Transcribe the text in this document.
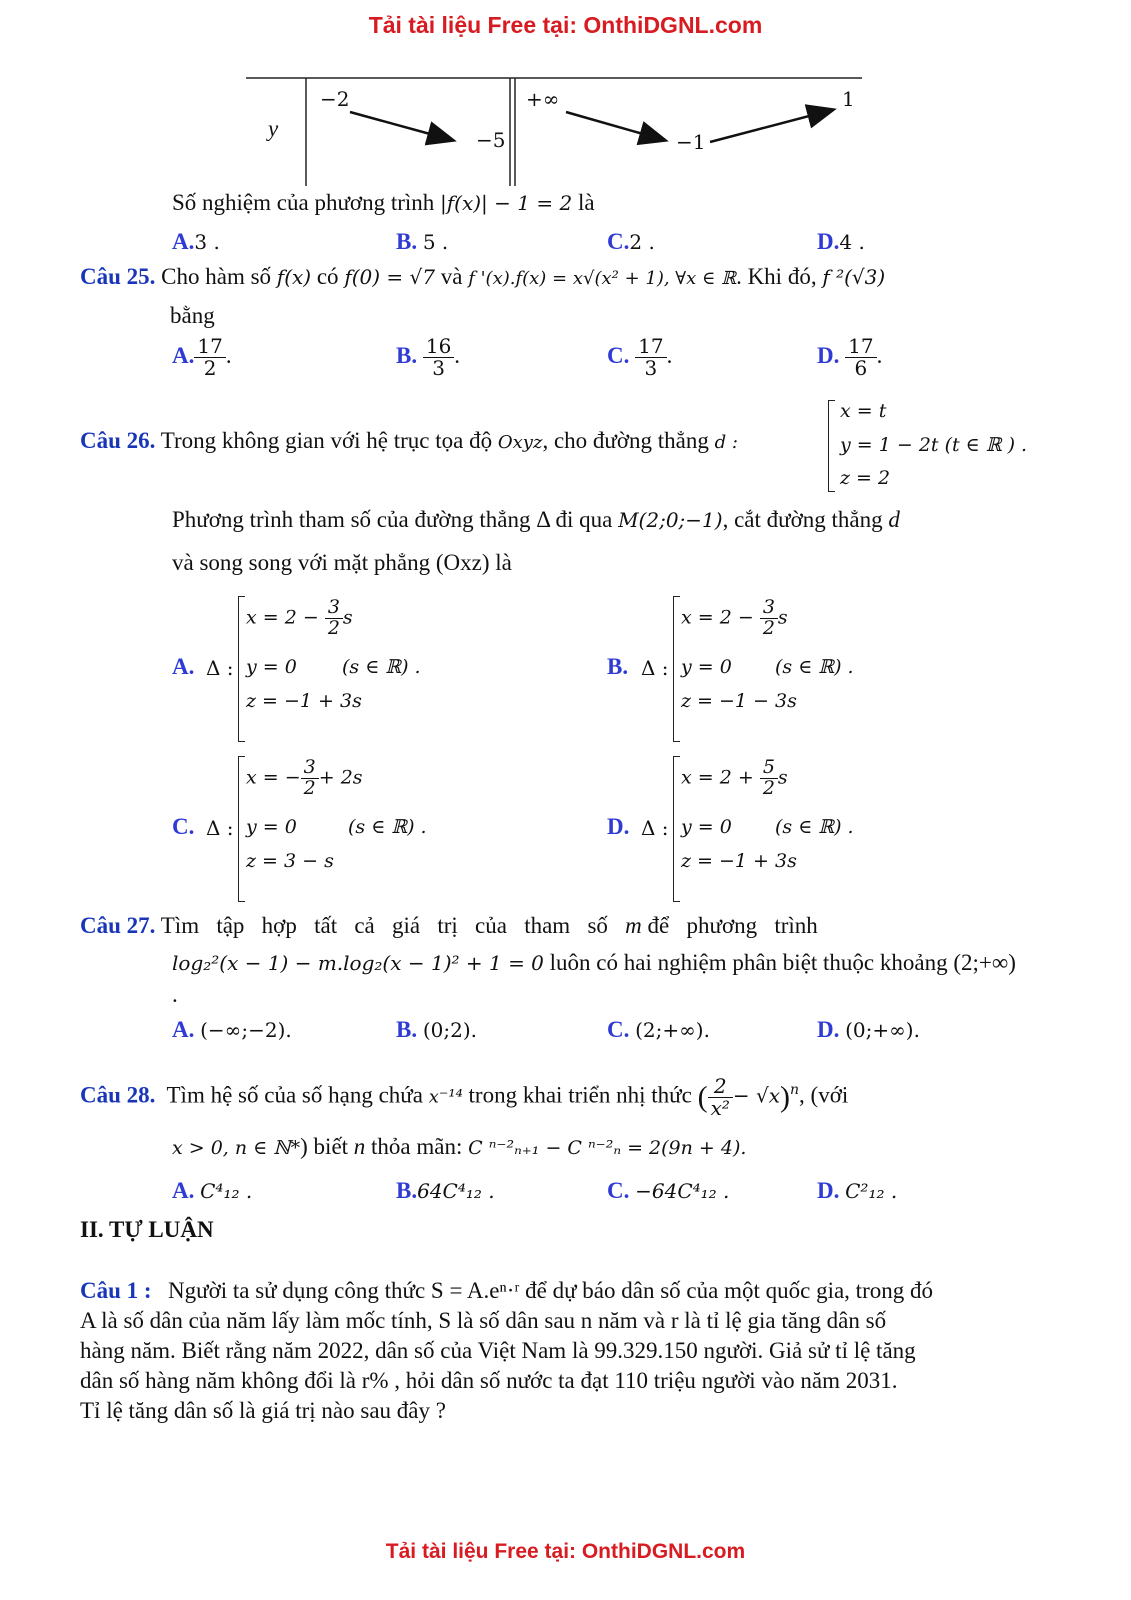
Tải tài liệu Free tại: OnthiDGNL.com
y
−2
−5
+∞
−1
1
Số nghiệm của phương trình |f(x)| − 1 = 2 là
A.3 .	B. 5 .	C.2 .	D.4 .
Câu 25. Cho hàm số f(x) có f(0) = √7 và f '(x).f(x) = x√(x² + 1), ∀x ∈ ℝ. Khi đó, f ²(√3)
bằng
A. $\frac{17}{2}$ .	B. $\frac{16}{3}$ .	C. $\frac{17}{3}$ .	D. $\frac{17}{6}$ .
Câu 26. Trong không gian với hệ trục tọa độ Oxyz, cho đường thẳng d :
x = t
y = 1 − 2t (t ∈ ℝ ) .
z = 2
Phương trình tham số của đường thẳng Δ đi qua M(2;0;−1), cắt đường thẳng d
và song song với mặt phẳng (Oxz) là
A. Δ :
$x = 2 - \frac{3}{2}$ s
y = 0
z = −1 + 3s
(s ∈ ℝ) .	B. Δ :
$x = 2 - \frac{3}{2}$ s
y = 0
z = −1 − 3s
(s ∈ ℝ) .
C. Δ :
x = − $\frac{3}{2} + 2s$
y = 0
z = 3 − s
(s ∈ ℝ) .	D. Δ :
$x = 2 + \frac{5}{2}$ s
y = 0
z = −1 + 3s
(s ∈ ℝ) .
Câu 27. Tìm   tập   hợp   tất   cả   giá   trị   của   tham   số m để   phương   trình
log₂²(x − 1) − m.log₂(x − 1)² + 1 = 0 luôn có hai nghiệm phân biệt thuộc khoảng (2;+∞)
.
A. (−∞;−2).	B. (0;2).	C. (2;+∞).	D. (0;+∞).
Câu 28. Tìm hệ số của số hạng chứa x⁻¹⁴ trong khai triển nhị thức ( $\frac{2}{\text{x²}} - √x)^n$, (với
x > 0, n ∈ ℕ*) biết n thỏa mãn: C ⁿ⁻²ₙ₊₁ − C ⁿ⁻²ₙ = 2(9n + 4).
A. C⁴₁₂ .	B.64C⁴₁₂ .	C. −64C⁴₁₂ .	D. C²₁₂ .
II. TỰ LUẬN
Câu 1 : Người ta sử dụng công thức S = A.eⁿ·ʳ để dự báo dân số của một quốc gia, trong đó
A là số dân của năm lấy làm mốc tính, S là số dân sau n năm và r là tỉ lệ gia tăng dân số
hàng năm. Biết rằng năm 2022, dân số của Việt Nam là 99.329.150 người. Giả sử tỉ lệ tăng
dân số hàng năm không đổi là r% , hỏi dân số nước ta đạt 110 triệu người vào năm 2031.
Tỉ lệ tăng dân số là giá trị nào sau đây ?
Tải tài liệu Free tại: OnthiDGNL.com
